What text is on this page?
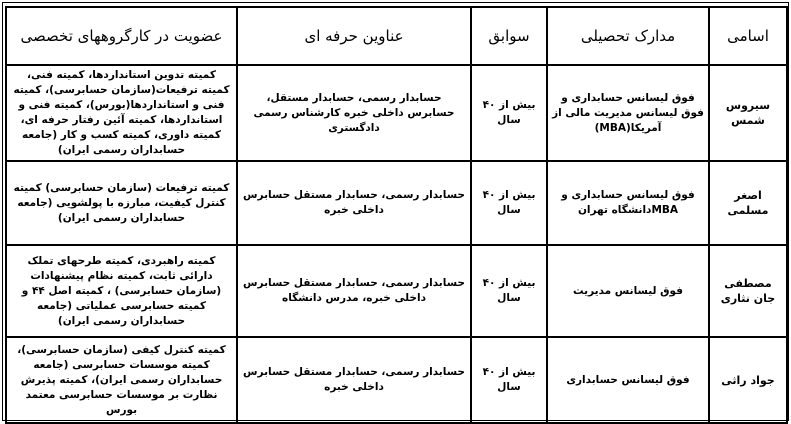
اسامی	مدارک تحصیلی	سوابق	عناوین حرفه ای	عضویت در کارگروههای تخصصی
سیروس شمس	فوق لیسانس حسابداری و فوق لیسانس مدیریت مالی از آمریکا(MBA)	بیش از ۴۰ سال	حسابدار رسمی، حسابدار مستقل، حسابرس داخلی خبره کارشناس رسمی دادگستری	کمیته تدوین استانداردها، کمیته فنی، کمیته ترفیعات(سازمان حسابرسی)، کمیته فنی و استانداردها(بورس)، کمیته فنی و استانداردها، کمیته آئین رفتار حرفه ای، کمیته داوری، کمیته کسب و کار (جامعه حسابداران رسمی ایران)
اصغر مسلمی	فوق لیسانس حسابداری و MBAدانشگاه تهران	بیش از ۴۰ سال	حسابدار رسمی، حسابدار مستقل حسابرس داخلی خبره	کمیته ترفیعات (سازمان حسابرسی) کمیته کنترل کیفیت، مبارزه با پولشویی (جامعه حسابداران رسمی ایران)
مصطفی جان نثاری	فوق لیسانس مدیریت	بیش از ۴۰ سال	حسابدار رسمی، حسابدار مستقل حسابرس داخلی خبره، مدرس دانشگاه	کمیته راهبردی، کمیته طرحهای تملک دارائی ثابت، کمیته نظام پیشنهادات (سازمان حسابرسی) ، کمیته اصل ۴۴ و کمیته حسابرسی عملیاتی (جامعه حسابداران رسمی ایران)
جواد راثی	فوق لیسانس حسابداری	بیش از ۴۰ سال	حسابدار رسمی، حسابدار مستقل حسابرس داخلی خبره	کمیته کنترل کیفی (سازمان حسابرسی)، کمیته موسسات حسابرسی (جامعه حسابداران رسمی ایران)، کمیته پذیرش نظارت بر موسسات حسابرسی معتمد بورس
